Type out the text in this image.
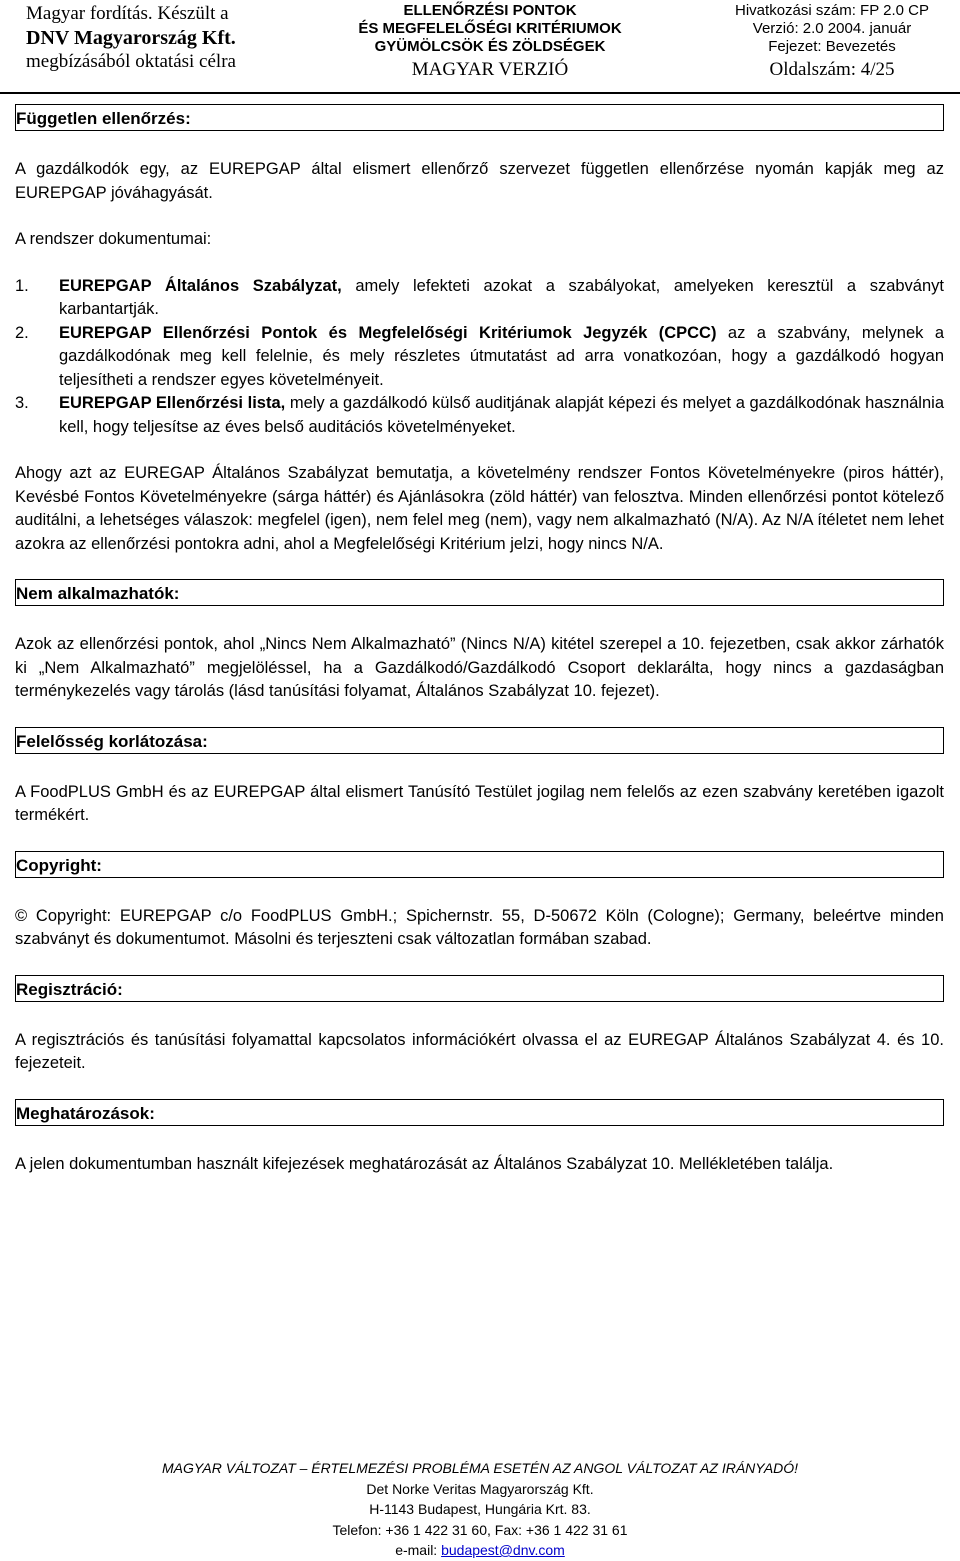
Magyar fordítás. Készült a
DNV Magyarország Kft.
megbízásából oktatási célra
ELLENŐRZÉSI PONTOK
ÉS MEGFELELŐSÉGI KRITÉRIUMOK
GYÜMÖLCSÖK ÉS ZÖLDSÉGEK
MAGYAR VERZIÓ
Hivatkozási szám: FP 2.0 CP
Verzió: 2.0 2004. január
Fejezet: Bevezetés
Oldalszám: 4/25
Független ellenőrzés:

A gazdálkodók egy, az EUREPGAP által elismert ellenőrző szervezet független ellenőrzése nyomán kapják meg az EUREPGAP jóváhagyását.

A rendszer dokumentumai:

1. EUREPGAP Általános Szabályzat, amely lefekteti azokat a szabályokat, amelyeken keresztül a szabványt karbantartják.
2. EUREPGAP Ellenőrzési Pontok és Megfelelőségi Kritériumok Jegyzék (CPCC) az a szabvány, melynek a gazdálkodónak meg kell felelnie, és mely részletes útmutatást ad arra vonatkozóan, hogy a gazdálkodó hogyan teljesítheti a rendszer egyes követelményeit.
3. EUREPGAP Ellenőrzési lista, mely a gazdálkodó külső auditjának alapját képezi és melyet a gazdálkodónak használnia kell, hogy teljesítse az éves belső auditációs követelményeket.

Ahogy azt az EUREGAP Általános Szabályzat bemutatja, a követelmény rendszer Fontos Követelményekre (piros háttér), Kevésbé Fontos Követelményekre (sárga háttér) és Ajánlásokra (zöld háttér) van felosztva. Minden ellenőrzési pontot kötelező auditálni, a lehetséges válaszok: megfelel (igen), nem felel meg (nem), vagy nem alkalmazható (N/A). Az N/A ítéletet nem lehet azokra az ellenőrzési pontokra adni, ahol a Megfelelőségi Kritérium jelzi, hogy nincs N/A.

Nem alkalmazhatók:

Azok az ellenőrzési pontok, ahol „Nincs Nem Alkalmazható” (Nincs N/A) kitétel szerepel a 10. fejezetben, csak akkor zárhatók ki „Nem Alkalmazható” megjelöléssel, ha a Gazdálkodó/Gazdálkodó Csoport deklarálta, hogy nincs a gazdaságban terménykezelés vagy tárolás (lásd tanúsítási folyamat, Általános Szabályzat 10. fejezet).

Felelősség korlátozása:

A FoodPLUS GmbH és az EUREPGAP által elismert Tanúsító Testület jogilag nem felelős az ezen szabvány keretében igazolt termékért.

Copyright:

© Copyright: EUREPGAP c/o FoodPLUS GmbH.; Spichernstr. 55, D-50672 Köln (Cologne); Germany, beleértve minden szabványt és dokumentumot. Másolni és terjeszteni csak változatlan formában szabad.

Regisztráció:

A regisztrációs és tanúsítási folyamattal kapcsolatos információkért olvassa el az EUREGAP Általános Szabályzat 4. és 10. fejezeteit.

Meghatározások:

A jelen dokumentumban használt kifejezések meghatározását az Általános Szabályzat 10. Mellékletében találja.

MAGYAR VÁLTOZAT – ÉRTELMEZÉSI PROBLÉMA ESETÉN AZ ANGOL VÁLTOZAT AZ IRÁNYADÓ!
Det Norke Veritas Magyarország Kft.
H-1143 Budapest, Hungária Krt. 83.
Telefon: +36 1 422 31 60, Fax: +36 1 422 31 61
e-mail: budapest@dnv.com
